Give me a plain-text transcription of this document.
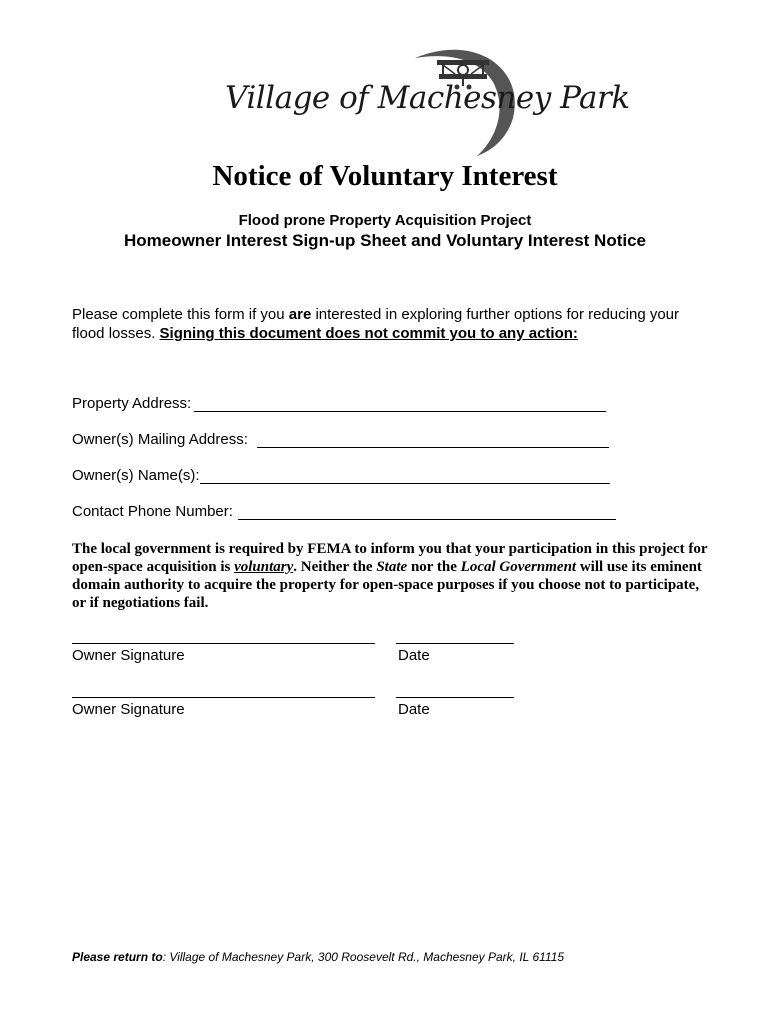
Village of Machesney Park
Notice of Voluntary Interest
Flood prone Property Acquisition Project
Homeowner Interest Sign-up Sheet and Voluntary Interest Notice
Please complete this form if you are interested in exploring further options for reducing your flood losses. Signing this document does not commit you to any action:
Property Address:
Owner(s) Mailing Address:
Owner(s) Name(s):
Contact Phone Number:
The local government is required by FEMA to inform you that your participation in this project for open-space acquisition is voluntary. Neither the State nor the Local Government will use its eminent domain authority to acquire the property for open-space purposes if you choose not to participate, or if negotiations fail.
Owner Signature	Date
Owner Signature	Date
Please return to: Village of Machesney Park, 300 Roosevelt Rd., Machesney Park, IL 61115
